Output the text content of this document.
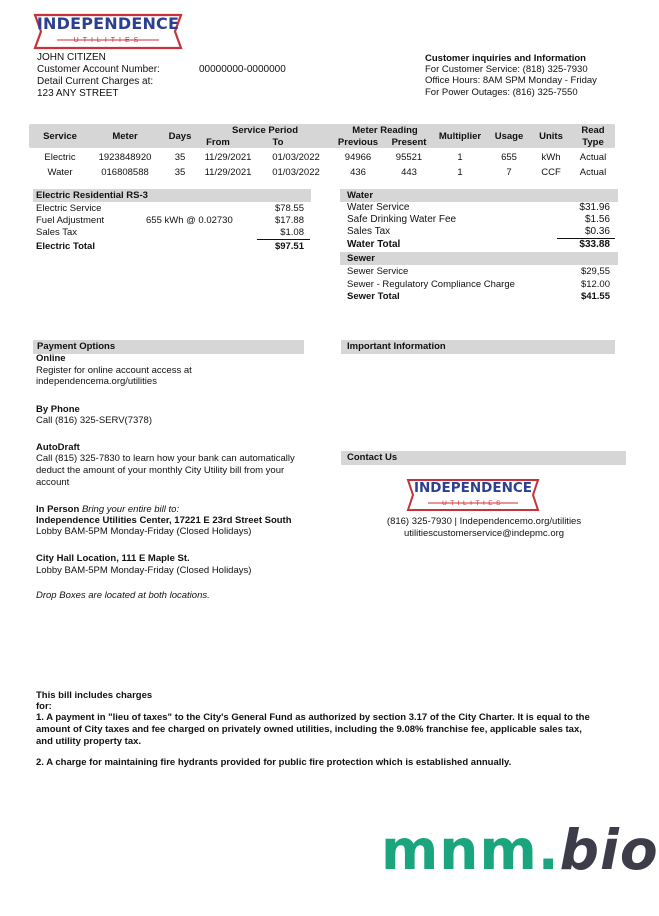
INDEPENDENCE
UTILITIES
JOHN CITIZEN
Customer Account Number:	00000000-0000000
Detail Current Charges at:
123 ANY STREET
Customer inquiries and Information
For Customer Service: (818) 325-7930
Office Hours: 8AM SPM Monday - Friday
For Power Outages: (816) 325-7550
Service	Meter	Days
Service Period
From	To
Meter Reading
Previous	Present
Multiplier	Usage	Units
Read Type
Electric	1923848920	35	11/29/2021	01/03/2022	94966	95521	1	655	kWh	Actual
Water	016808588	35	11/29/2021	01/03/2022	436	443	1	7	CCF	Actual
Electric Residential RS-3
Electric Service	$78.55
Fuel Adjustment	655 kWh @ 0.02730	$17.88
Sales Tax	$1.08
Electric Total	$97.51
Water
Water Service	$31.96
Safe Drinking Water Fee	$1.56
Sales Tax	$0.36
Water Total	$33.88
Sewer
Sewer Service	$29,55
Sewer - Regulatory Compliance Charge	$12.00
Sewer Total	$41.55
Payment Options
Online
Register for online account access at
independencema.org/utilities
By Phone
Call (816) 325-SERV(7378)
AutoDraft
Call (815) 325-7830 to learn how your bank can automatically
deduct the amount of your monthly City Utility bill from your
account
In Person Bring your entire bill to:
Independence Utilities Center, 17221 E 23rd Street South
Lobby BAM-5PM Monday-Friday (Closed Holidays)
City Hall Location, 111 E Maple St.
Lobby BAM-5PM Monday-Friday (Closed Holidays)
Drop Boxes are located at both locations.
Important Information
Contact Us
INDEPENDENCE
UTILITIES
(816) 325-7930 | Independencemo.org/utilities
utilitiescustomerservice@indepmc.org
This bill includes charges
for:
1. A payment in "lieu of taxes" to the City's General Fund as authorized by section 3.17 of the City Charter. It is equal to the
amount of City taxes and fee charged on privately owned utilities, including the 9.08% franchise fee, applicable sales tax,
and utility property tax.
2. A charge for maintaining fire hydrants provided for public fire protection which is established annually.
mnm.bio
